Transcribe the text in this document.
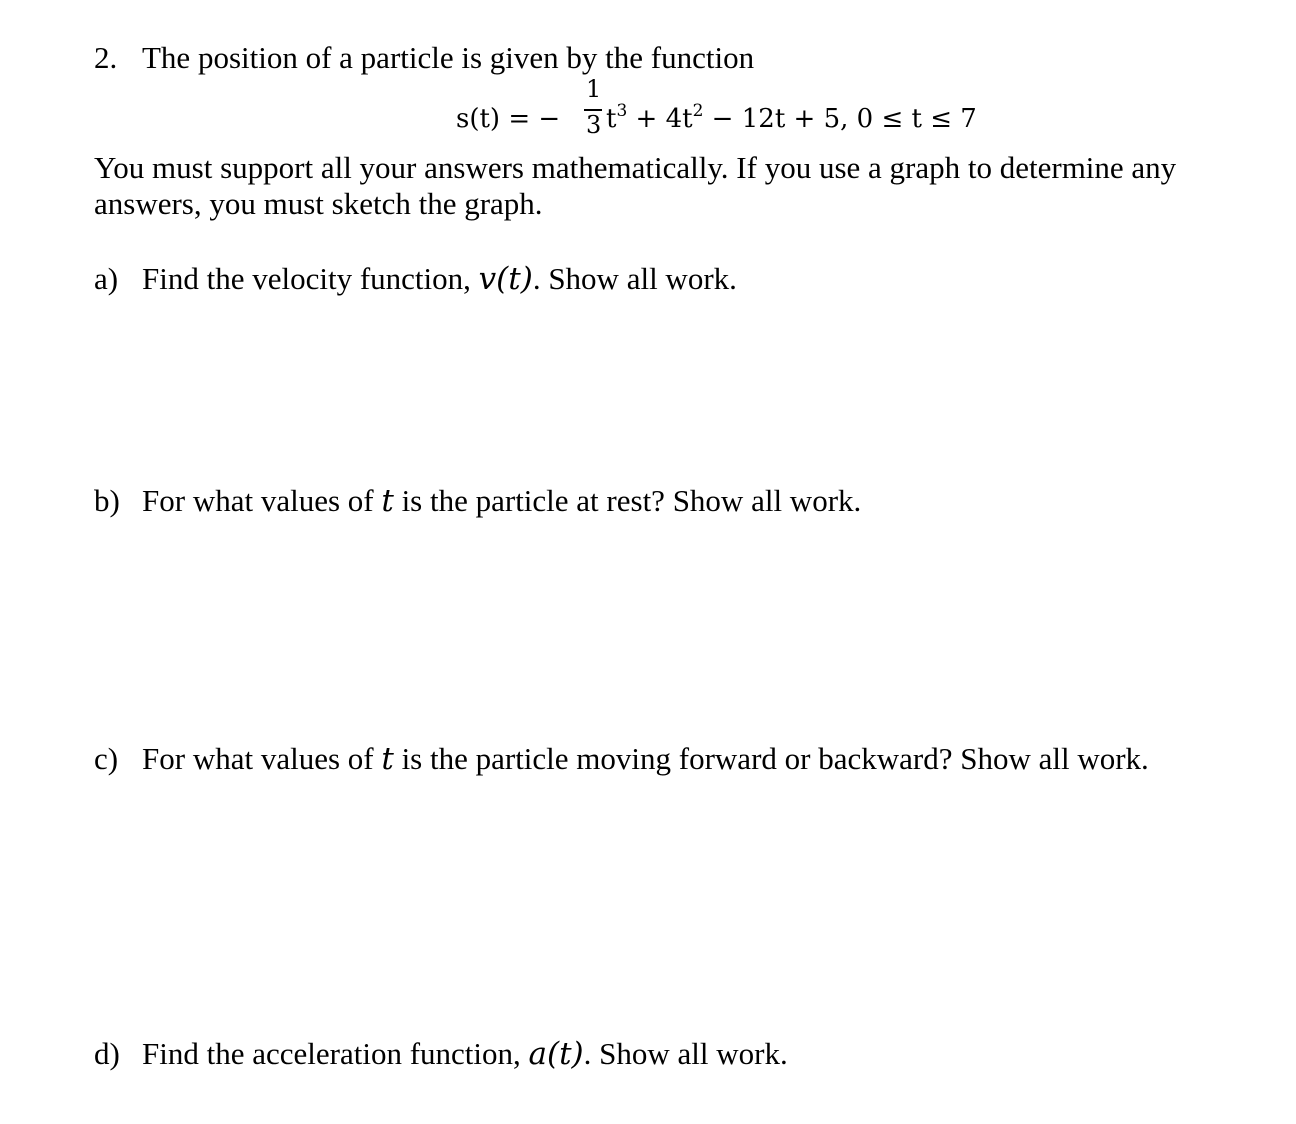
2. The position of a particle is given by the function
s(t) = −
1
3 $t^3 + 4t^2 - 12t + 5$, 0 ≤ t ≤ 7
You must support all your answers mathematically. If you use a graph to determine any
answers, you must sketch the graph.
a) Find the velocity function, v(t). Show all work.
b) For what values of t is the particle at rest? Show all work.
c) For what values of t is the particle moving forward or backward? Show all work.
d) Find the acceleration function, a(t). Show all work.
